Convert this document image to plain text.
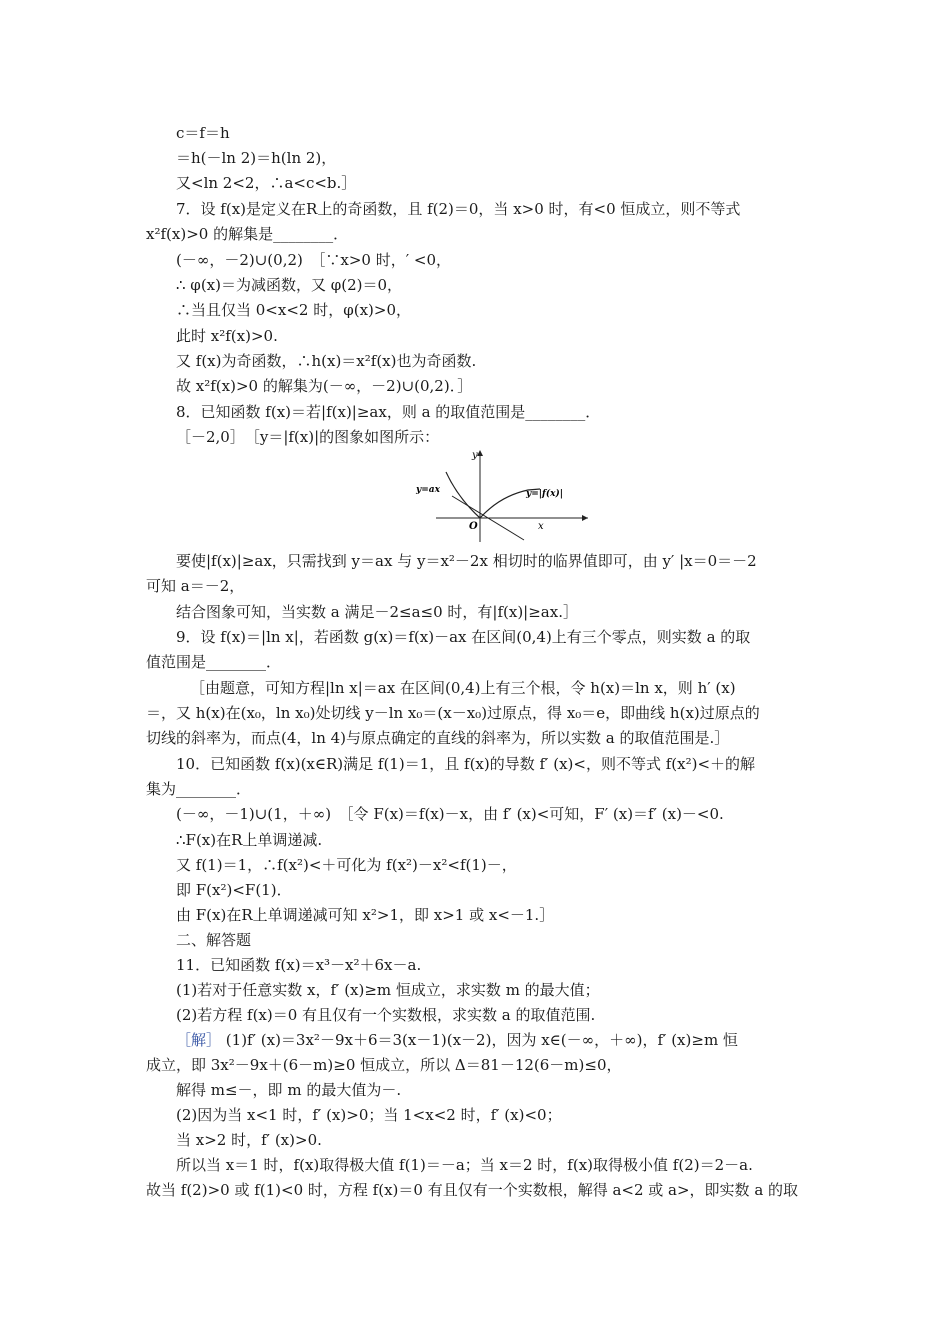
c＝f＝h
＝h(－ln 2)＝h(ln 2)，
又<ln 2<2，∴a<c<b.］
7．设 f(x)是定义在R上的奇函数，且 f(2)＝0，当 x>0 时，有<0 恒成立，则不等式
x²f(x)>0 的解集是________．
(－∞，－2)∪(0,2)　［∵x>0 时，′ <0，
∴ φ(x)＝为减函数，又 φ(2)＝0，
∴当且仅当 0<x<2 时，φ(x)>0，
此时 x²f(x)>0.
又 f(x)为奇函数，∴h(x)＝x²f(x)也为奇函数.
故 x²f(x)>0 的解集为(－∞，－2)∪(0,2)．］
8．已知函数 f(x)＝若|f(x)|≥ax，则 a 的取值范围是________．
［－2,0］　［y＝|f(x)|的图象如图所示：
y
x
O
y=ax	y=|f(x)|
要使|f(x)|≥ax，只需找到 y＝ax 与 y＝x²－2x 相切时的临界值即可，由 y′ |x＝0＝－2
可知 a＝－2，
结合图象可知，当实数 a 满足－2≤a≤0 时，有|f(x)|≥ax.］
9．设 f(x)＝|ln x|，若函数 g(x)＝f(x)－ax 在区间(0,4)上有三个零点，则实数 a 的取
值范围是________．
［由题意，可知方程|ln x|＝ax 在区间(0,4)上有三个根，令 h(x)＝ln x，则 h′ (x)
＝，又 h(x)在(x₀，ln x₀)处切线 y－ln x₀＝(x－x₀)过原点，得 x₀＝e，即曲线 h(x)过原点的
切线的斜率为，而点(4，ln 4)与原点确定的直线的斜率为，所以实数 a 的取值范围是.］
10．已知函数 f(x)(x∈R)满足 f(1)＝1，且 f(x)的导数 f′ (x)<，则不等式 f(x²)<＋的解
集为________．
(－∞，－1)∪(1，＋∞)　［令 F(x)＝f(x)－x，由 f′ (x)<可知，F′ (x)＝f′ (x)－<0.
∴F(x)在R上单调递减.
又 f(1)＝1，∴f(x²)<＋可化为 f(x²)－x²<f(1)－，
即 F(x²)<F(1)．
由 F(x)在R上单调递减可知 x²>1，即 x>1 或 x<－1.］
二、解答题
11．已知函数 f(x)＝x³－x²＋6x－a.
(1)若对于任意实数 x，f′ (x)≥m 恒成立，求实数 m 的最大值；
(2)若方程 f(x)＝0 有且仅有一个实数根，求实数 a 的取值范围.
［解］ (1)f′ (x)＝3x²－9x＋6＝3(x－1)(x－2)，因为 x∈(－∞，＋∞)，f′ (x)≥m 恒
成立，即 3x²－9x＋(6－m)≥0 恒成立，所以 Δ＝81－12(6－m)≤0，
解得 m≤－，即 m 的最大值为－.
(2)因为当 x<1 时，f′ (x)>0；当 1<x<2 时，f′ (x)<0；
当 x>2 时，f′ (x)>0.
所以当 x＝1 时，f(x)取得极大值 f(1)＝－a；当 x＝2 时，f(x)取得极小值 f(2)＝2－a.
故当 f(2)>0 或 f(1)<0 时，方程 f(x)＝0 有且仅有一个实数根，解得 a<2 或 a>，即实数 a 的取
